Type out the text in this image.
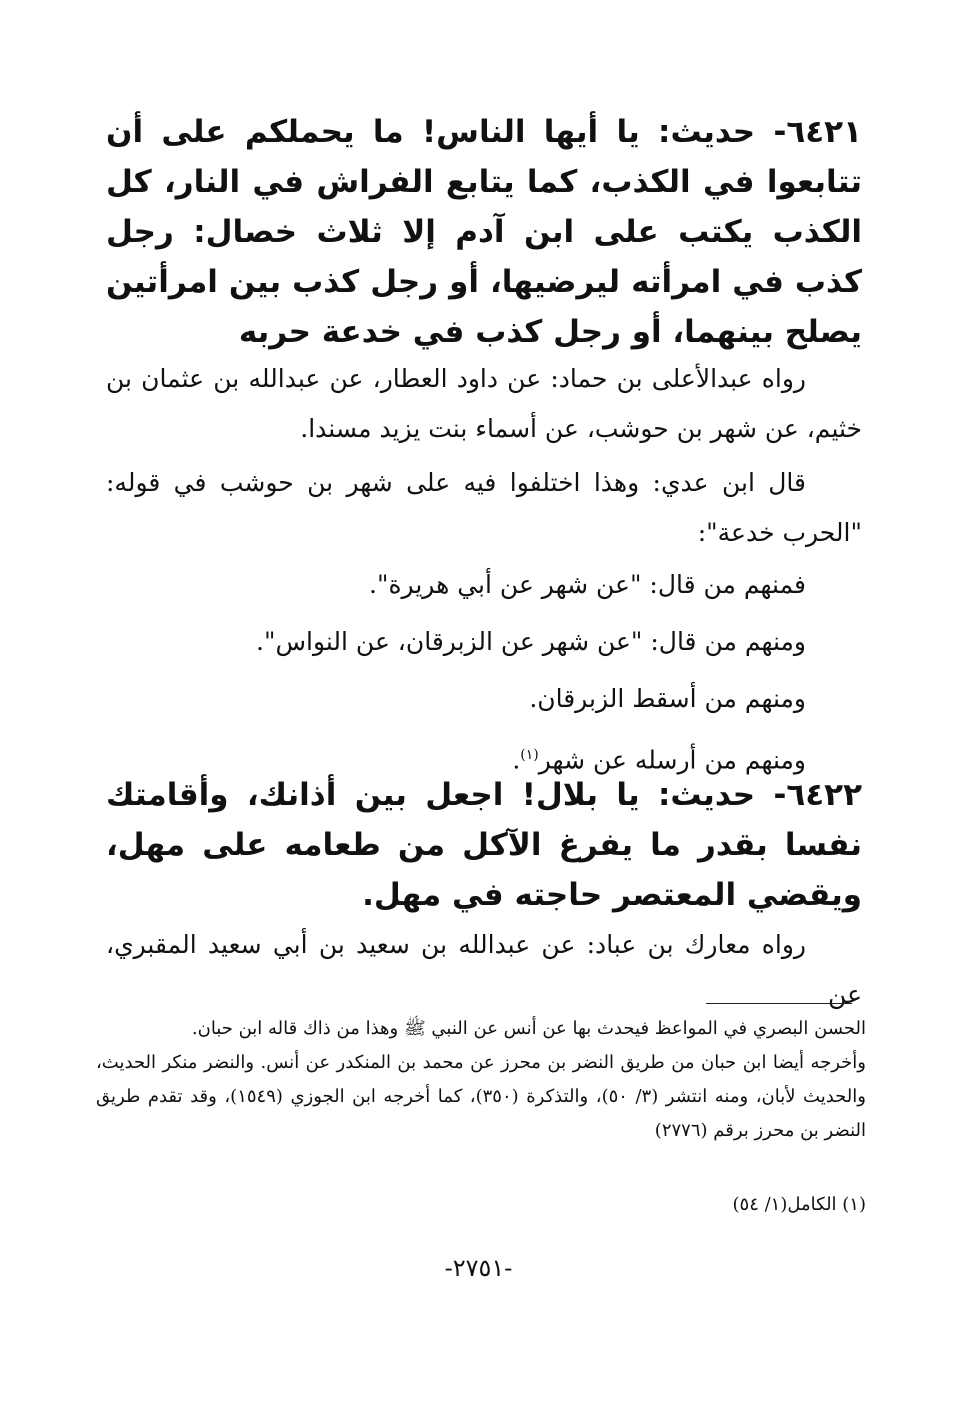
٦٤٢١- حديث: يا أيها الناس! ما يحملكم على أن تتابعوا في الكذب، كما يتابع الفراش في النار، كل الكذب يكتب على ابن آدم إلا ثلاث خصال: رجل كذب في امرأته ليرضيها، أو رجل كذب بين امرأتين يصلح بينهما، أو رجل كذب في خدعة حربه
رواه عبدالأعلى بن حماد: عن داود العطار، عن عبدالله بن عثمان بن خثيم، عن شهر بن حوشب، عن أسماء بنت يزيد مسندا.
قال ابن عدي: وهذا اختلفوا فيه على شهر بن حوشب في قوله: "الحرب خدعة":
فمنهم من قال: "عن شهر عن أبي هريرة".
ومنهم من قال: "عن شهر عن الزبرقان، عن النواس".
ومنهم من أسقط الزبرقان.
ومنهم من أرسله عن شهر$^{(١)}$.
٦٤٢٢- حديث: يا بلال! اجعل بين أذانك، وأقامتك نفسا بقدر ما يفرغ الآكل من طعامه على مهل، ويقضي المعتصر حاجته في مهل.
رواه معارك بن عباد: عن عبدالله بن سعيد بن أبي سعيد المقبري، عن
الحسن البصري في المواعظ فيحدث بها عن أنس عن النبي ﷺ وهذا من ذاك قاله ابن حبان.
وأخرجه أيضا ابن حبان من طريق النضر بن محرز عن محمد بن المنكدر عن أنس. والنضر منكر الحديث، والحديث لأبان، ومنه انتشر (٣/ ٥٠)، والتذكرة (٣٥٠)، كما أخرجه ابن الجوزي (١٥٤٩)، وقد تقدم طريق النضر بن محرز برقم (٢٧٧٦)
(١) الكامل(١/ ٥٤)
-٢٧٥١-
